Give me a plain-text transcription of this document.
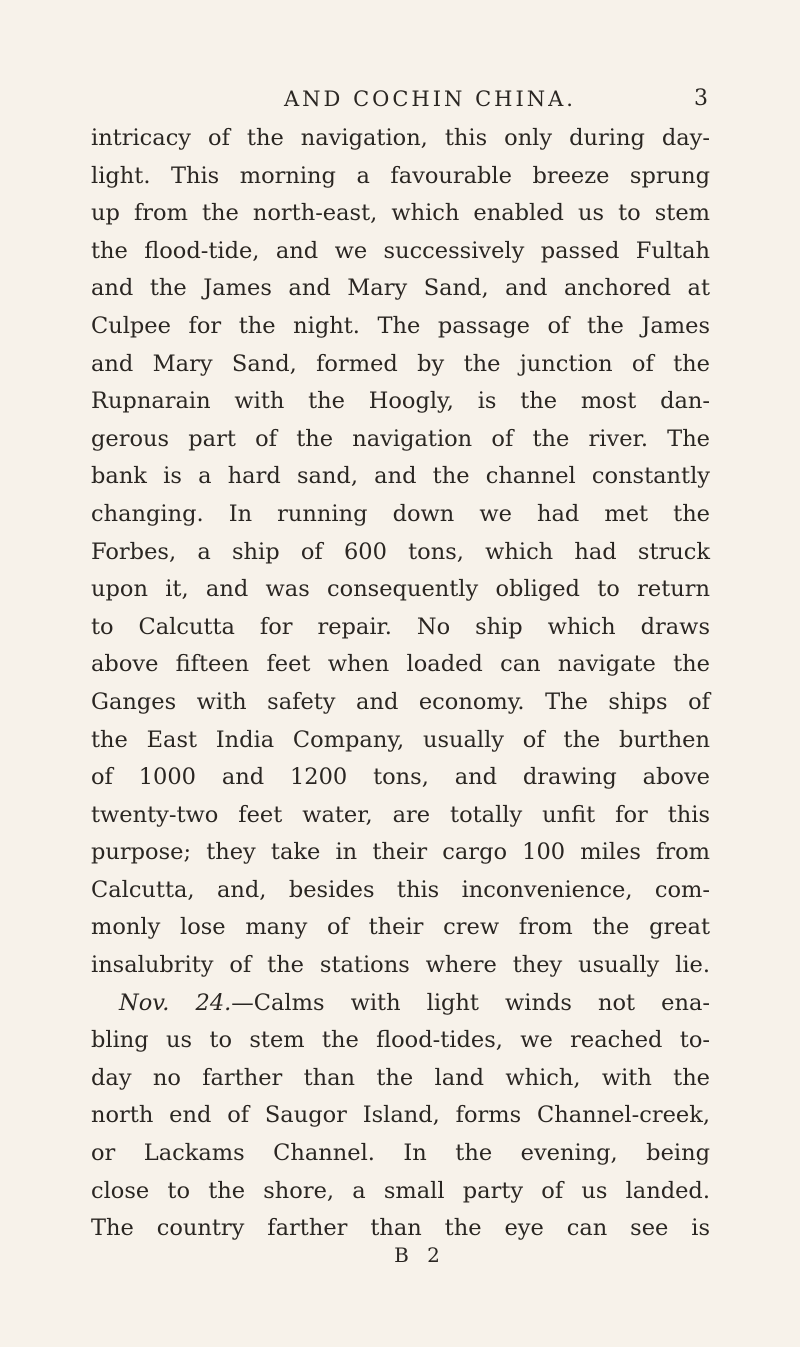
AND COCHIN CHINA.	3
intricacy of the navigation, this only during day-
light. This morning a favourable breeze sprung
up from the north-east, which enabled us to stem
the flood-tide, and we successively passed Fultah
and the James and Mary Sand, and anchored at
Culpee for the night. The passage of the James
and Mary Sand, formed by the junction of the
Rupnarain with the Hoogly, is the most dan-
gerous part of the navigation of the river. The
bank is a hard sand, and the channel constantly
changing. In running down we had met the
Forbes, a ship of 600 tons, which had struck
upon it, and was consequently obliged to return
to Calcutta for repair. No ship which draws
above fifteen feet when loaded can navigate the
Ganges with safety and economy. The ships of
the East India Company, usually of the burthen
of 1000 and 1200 tons, and drawing above
twenty-two feet water, are totally unfit for this
purpose; they take in their cargo 100 miles from
Calcutta, and, besides this inconvenience, com-
monly lose many of their crew from the great
insalubrity of the stations where they usually lie.
Nov. 24.—Calms with light winds not ena-
bling us to stem the flood-tides, we reached to-
day no farther than the land which, with the
north end of Saugor Island, forms Channel-creek,
or Lackams Channel. In the evening, being
close to the shore, a small party of us landed.
The country farther than the eye can see is
B 2
